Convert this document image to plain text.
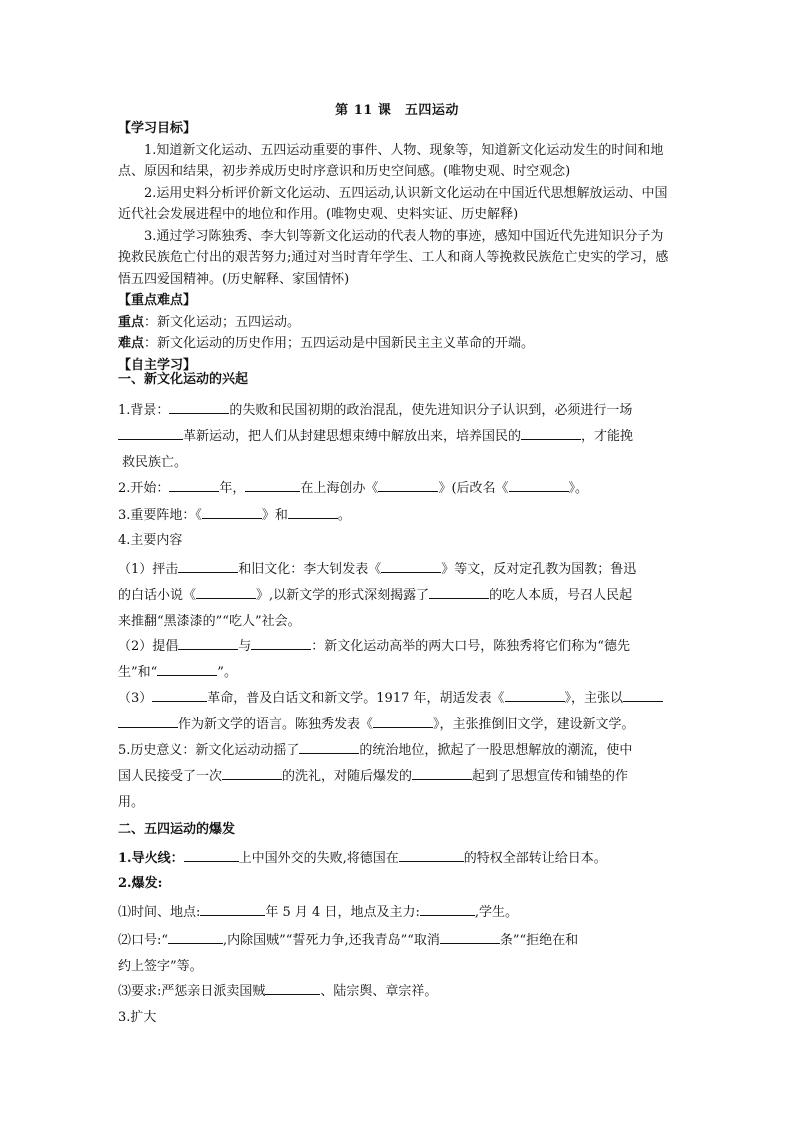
第 11 课　五四运动
【学习目标】
1.知道新文化运动、五四运动重要的事件、人物、现象等，知道新文化运动发生的时间和地点、原因和结果，初步养成历史时序意识和历史空间感。(唯物史观、时空观念)
2.运用史料分析评价新文化运动、五四运动,认识新文化运动在中国近代思想解放运动、中国近代社会发展进程中的地位和作用。(唯物史观、史料实证、历史解释)
3.通过学习陈独秀、李大钊等新文化运动的代表人物的事迹，感知中国近代先进知识分子为挽救民族危亡付出的艰苦努力;通过对当时青年学生、工人和商人等挽救民族危亡史实的学习，感悟五四爱国精神。(历史解释、家国情怀)
【重点难点】
重点：新文化运动；五四运动。
难点：新文化运动的历史作用；五四运动是中国新民主主义革命的开端。
【自主学习】
一、新文化运动的兴起
1.背景：	的失败和民国初期的政治混乱，使先进知识分子认识到，必须进行一场
革新运动，把人们从封建思想束缚中解放出来，培养国民的	，才能挽
救民族亡。
2.开始：	年，	在上海创办《	》(后改名《	》。
3.重要阵地：《	》和	。
4.主要内容
（1）抨击	和旧文化：李大钊发表《	》等文，反对定孔教为国教；鲁迅
的白话小说《	》,以新文学的形式深刻揭露了	的吃人本质，号召人民起
来推翻“黑漆漆的”“吃人”社会。
（2）提倡	与	：新文化运动高举的两大口号，陈独秀将它们称为“德先
生”和“	”。
（3）	革命，普及白话文和新文学。1917 年，胡适发表《	》，主张以
作为新文学的语言。陈独秀发表《	》，主张推倒旧文学，建设新文学。
5.历史意义：新文化运动动摇了	的统治地位，掀起了一股思想解放的潮流，使中
国人民接受了一次	的洗礼，对随后爆发的	起到了思想宣传和铺垫的作
用。
二、五四运动的爆发
1.导火线：	上中国外交的失败,将德国在	的特权全部转让给日本。
2.爆发:
⑴时间、地点:	年 5 月 4 日，地点及主力:	,学生。
⑵口号:“	,内除国贼”“誓死力争,还我青岛”“取消	条”“拒绝在和
约上签字”等。
⑶要求:严惩亲日派卖国贼	、陆宗舆、章宗祥。
3.扩大
